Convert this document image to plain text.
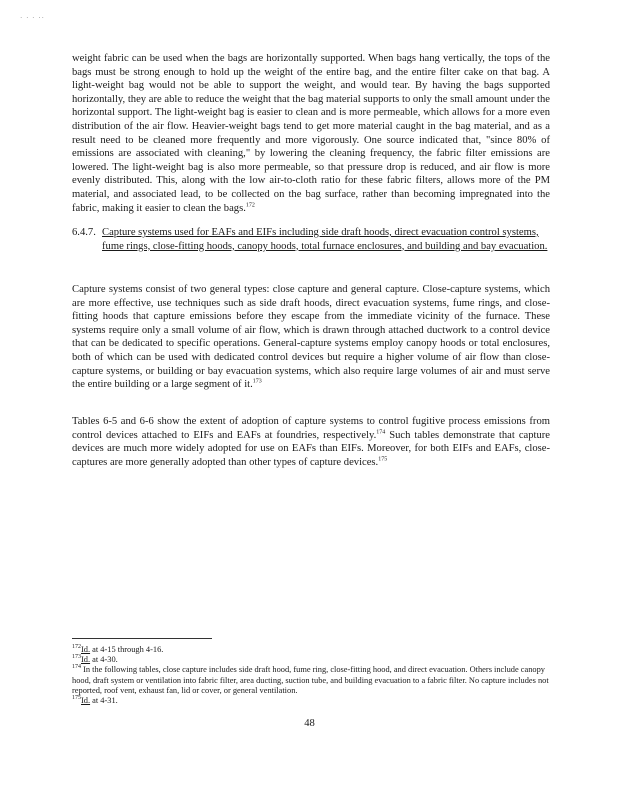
· · · ··

weight fabric can be used when the bags are horizontally supported. When bags hang vertically, the tops of the bags must be strong enough to hold up the weight of the entire bag, and the entire filter cake on that bag. A light-weight bag would not be able to support the weight, and would tear. By having the bags supported horizontally, they are able to reduce the weight that the bag material supports to only the small amount under the horizontal support. The light-weight bag is easier to clean and is more permeable, which allows for a more even distribution of the air flow. Heavier-weight bags tend to get more material caught in the bag material, and as a result need to be cleaned more frequently and more vigorously. One source indicated that, "since 80% of emissions are associated with cleaning," by lowering the cleaning frequency, the fabric filter emissions are lowered. The light-weight bag is also more permeable, so that pressure drop is reduced, and air flow is more evenly distributed. This, along with the low air-to-cloth ratio for these fabric filters, allows more of the PM material, and associated lead, to be collected on the bag surface, rather than becoming impregnated into the fabric, making it easier to clean the bags.$^{172}$

6.4.7. Capture systems used for EAFs and EIFs including side draft hoods, direct evacuation control systems, fume rings, close-fitting hoods, canopy hoods, total furnace enclosures, and building and bay evacuation.

Capture systems consist of two general types: close capture and general capture. Close-capture systems, which are more effective, use techniques such as side draft hoods, direct evacuation systems, fume rings, and close-fitting hoods that capture emissions before they escape from the immediate vicinity of the furnace. These systems require only a small volume of air flow, which is drawn through attached ductwork to a control device that can be dedicated to specific operations. General-capture systems employ canopy hoods or total enclosures, both of which can be used with dedicated control devices but require a higher volume of air flow than close-capture systems, or building or bay evacuation systems, which also require large volumes of air and must serve the entire building or a large segment of it.$^{173}$

Tables 6-5 and 6-6 show the extent of adoption of capture systems to control fugitive process emissions from control devices attached to EIFs and EAFs at foundries, respectively.$^{174}$ Such tables demonstrate that capture devices are much more widely adopted for use on EAFs than EIFs. Moreover, for both EIFs and EAFs, close-captures are more generally adopted than other types of capture devices.$^{175}$

$^{172}$Id. at 4-15 through 4-16.

$^{173}$Id. at 4-30.

$^{174}$ In the following tables, close capture includes side draft hood, fume ring, close-fitting hood, and direct evacuation. Others include canopy hood, draft system or ventilation into fabric filter, area ducting, suction tube, and building evacuation to a fabric filter. No capture includes not reported, roof vent, exhaust fan, lid or cover, or general ventilation.

$^{175}$Id. at 4-31.

48
